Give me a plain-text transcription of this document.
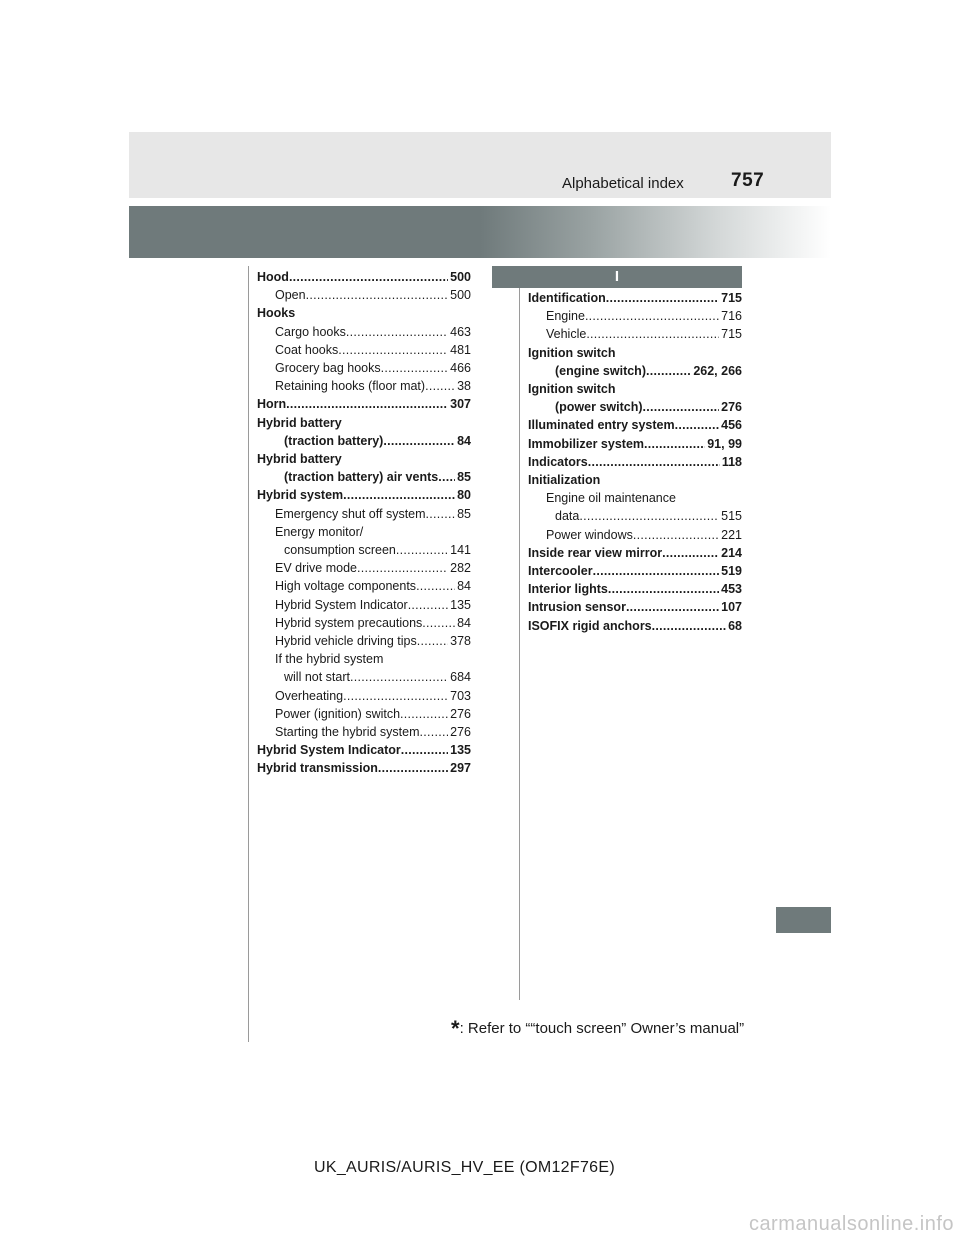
Alphabetical index 757
Hood . . .	500
Open . . .	500
Hooks
Cargo hooks . . .	463
Coat hooks . . .	481
Grocery bag hooks . . .	466
Retaining hooks (floor mat) . . .	38
Horn . . .	307
Hybrid battery
(traction battery) . . .	84
Hybrid battery
(traction battery) air vents . . . 85
Hybrid system . . .	80
Emergency shut off system . . .	85
Energy monitor/
consumption screen . . .	141
EV drive mode . . .	282
High voltage components . . .	84
Hybrid System Indicator . . .	135
Hybrid system precautions . . .	84
Hybrid vehicle driving tips . . .	378
If the hybrid system
will not start . . .	684
Overheating . . .	703
Power (ignition) switch . . .	276
Starting the hybrid system . . . 276
Hybrid System Indicator . . .	135
Hybrid transmission . . .	297
I
Identification . . .	715
Engine . . .	716
Vehicle . . .	715
Ignition switch
(engine switch) . . .	262, 266
Ignition switch
(power switch) . . .	276
Illuminated entry system . . .	456
Immobilizer system . . .	91, 99
Indicators . . .	118
Initialization
Engine oil maintenance
data . . .	515
Power windows . . .	221
Inside rear view mirror . . .	214
Intercooler . . .	519
Interior lights . . .	453
Intrusion sensor . . .	107
ISOFIX rigid anchors . . .	68
*: Refer to ““touch screen” Owner’s manual”
UK_AURIS/AURIS_HV_EE (OM12F76E)
carmanualsonline.info
